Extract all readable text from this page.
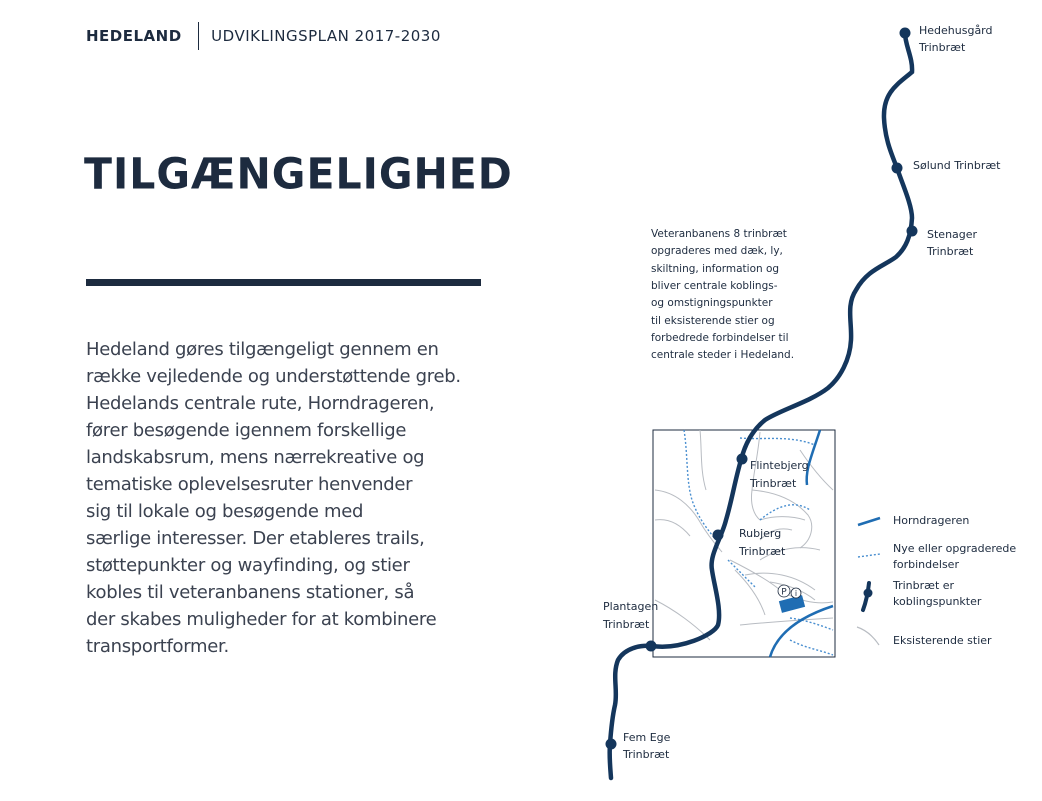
HEDELAND UDVIKLINGSPLAN 2017-2030
TILGÆNGELIGHED

Hedeland gøres tilgængeligt gennem en
række vejledende og understøttende greb.
Hedelands centrale rute, Horndrageren,
fører besøgende igennem forskellige
landskabsrum, mens nærrekreative og
tematiske oplevelsesruter henvender
sig til lokale og besøgende med
særlige interesser. Der etableres trails,
støttepunkter og wayfinding, og stier
kobles til veteranbanens stationer, så
der skabes muligheder for at kombinere
transportformer.

P i
Hedehusgård
Trinbræt
Sølund Trinbræt
Stenager
Trinbræt
Flintebjerg
Trinbræt
Rubjerg
Trinbræt
Plantagen
Trinbræt
Fem Ege
Trinbræt
Veteranbanens 8 trinbræt
opgraderes med dæk, ly,
skiltning, information og
bliver centrale koblings-
og omstigningspunkter
til eksisterende stier og
forbedrede forbindelser til
centrale steder i Hedeland.
Horndrageren
Nye eller opgraderede
forbindelser
Trinbræt er
koblingspunkter
Eksisterende stier
